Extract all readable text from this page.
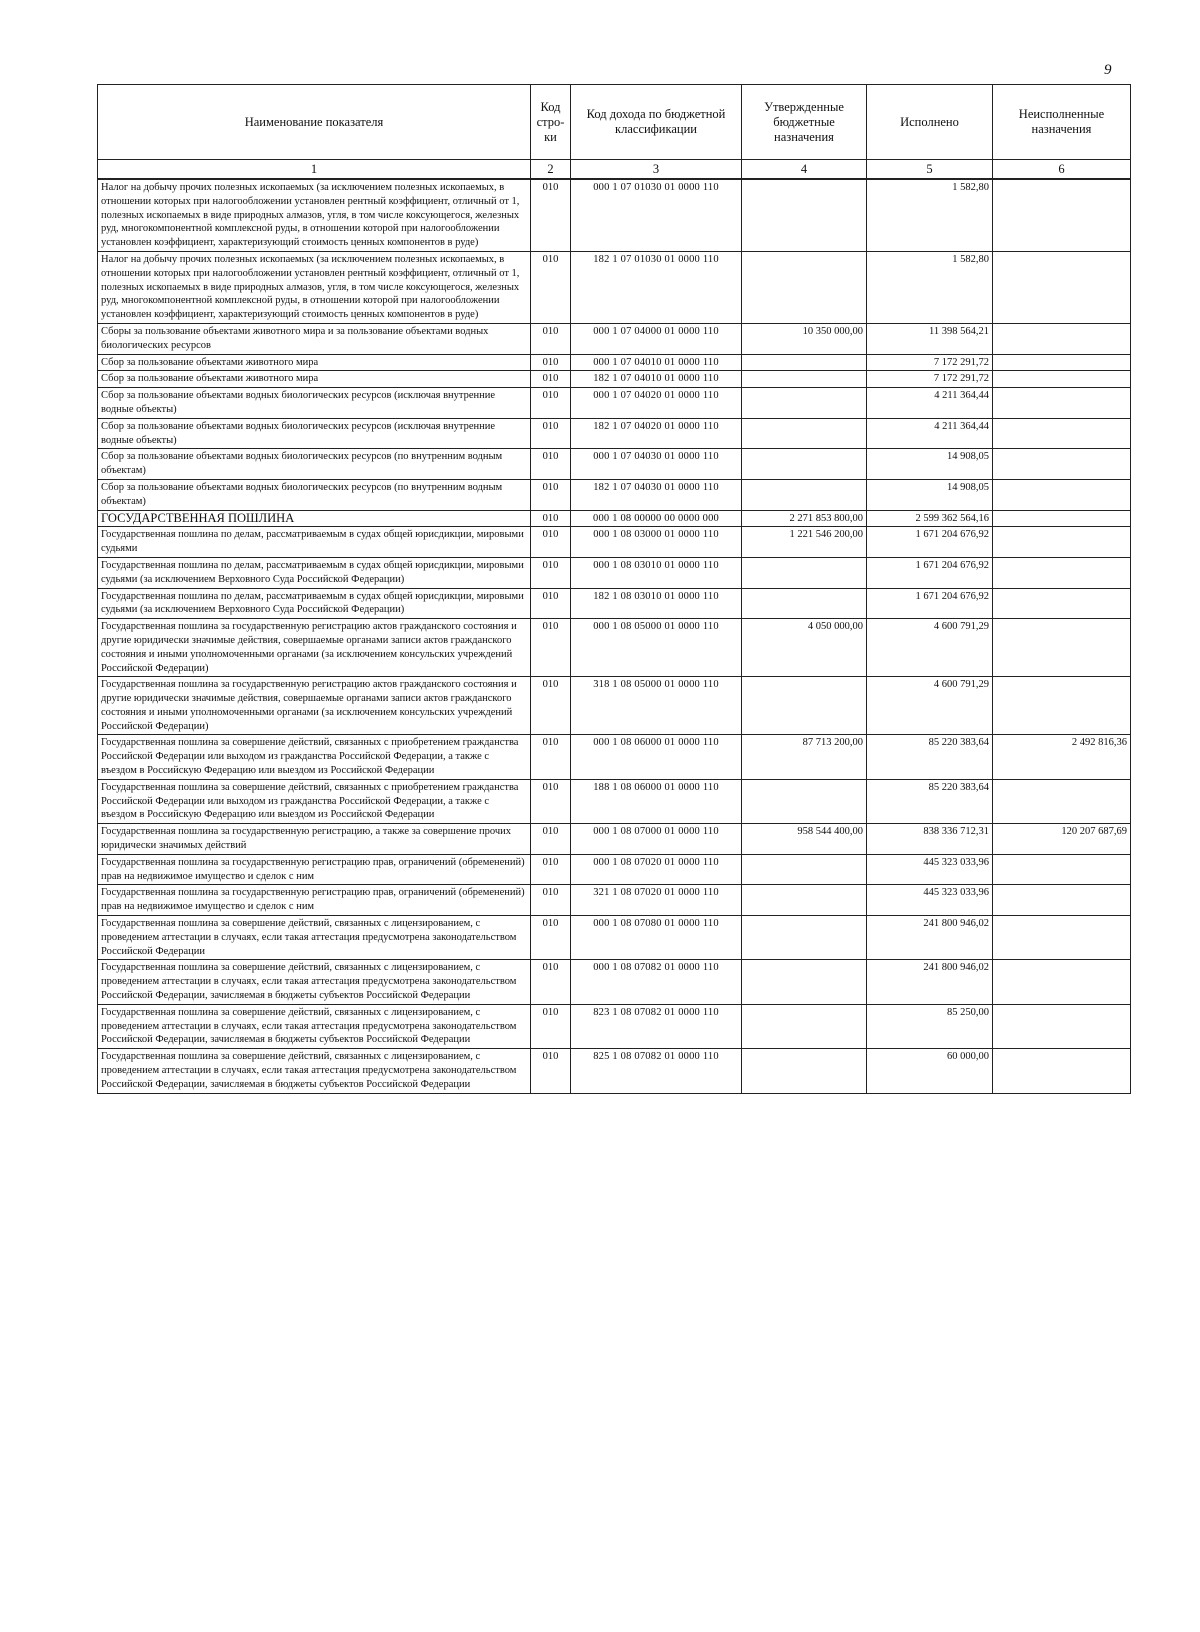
9
Наименование показателя	Код стро-ки	Код дохода по бюджетной классификации	Утвержденные бюджетные назначения	Исполнено	Неисполненные назначения
1	2	3	4	5	6
Налог на добычу прочих полезных ископаемых (за исключением полезных ископаемых, в отношении которых при налогообложении установлен рентный коэффициент, отличный от 1, полезных ископаемых в виде природных алмазов, угля, в том числе коксующегося, железных руд, многокомпонентной комплексной руды, в отношении которой при налогообложении установлен коэффициент, характеризующий стоимость ценных компонентов в руде)	010	000 1 07 01030 01 0000 110		1 582,80	
Налог на добычу прочих полезных ископаемых (за исключением полезных ископаемых, в отношении которых при налогообложении установлен рентный коэффициент, отличный от 1, полезных ископаемых в виде природных алмазов, угля, в том числе коксующегося, железных руд, многокомпонентной комплексной руды, в отношении которой при налогообложении установлен коэффициент, характеризующий стоимость ценных компонентов в руде)	010	182 1 07 01030 01 0000 110		1 582,80	
Сборы за пользование объектами животного мира и за пользование объектами водных биологических ресурсов	010	000 1 07 04000 01 0000 110	10 350 000,00	11 398 564,21	
Сбор за пользование объектами животного мира	010	000 1 07 04010 01 0000 110		7 172 291,72	
Сбор за пользование объектами животного мира	010	182 1 07 04010 01 0000 110		7 172 291,72	
Сбор за пользование объектами водных биологических ресурсов (исключая внутренние водные объекты)	010	000 1 07 04020 01 0000 110		4 211 364,44	
Сбор за пользование объектами водных биологических ресурсов (исключая внутренние водные объекты)	010	182 1 07 04020 01 0000 110		4 211 364,44	
Сбор за пользование объектами водных биологических ресурсов (по внутренним водным объектам)	010	000 1 07 04030 01 0000 110		14 908,05	
Сбор за пользование объектами водных биологических ресурсов (по внутренним водным объектам)	010	182 1 07 04030 01 0000 110		14 908,05	
ГОСУДАРСТВЕННАЯ ПОШЛИНА	010	000 1 08 00000 00 0000 000	2 271 853 800,00	2 599 362 564,16	
Государственная пошлина по делам, рассматриваемым в судах общей юрисдикции, мировыми судьями	010	000 1 08 03000 01 0000 110	1 221 546 200,00	1 671 204 676,92	
Государственная пошлина по делам, рассматриваемым в судах общей юрисдикции, мировыми судьями (за исключением Верховного Суда Российской Федерации)	010	000 1 08 03010 01 0000 110		1 671 204 676,92	
Государственная пошлина по делам, рассматриваемым в судах общей юрисдикции, мировыми судьями (за исключением Верховного Суда Российской Федерации)	010	182 1 08 03010 01 0000 110		1 671 204 676,92	
Государственная пошлина за государственную регистрацию актов гражданского состояния и другие юридически значимые действия, совершаемые органами записи актов гражданского состояния и иными уполномоченными органами (за исключением консульских учреждений Российской Федерации)	010	000 1 08 05000 01 0000 110	4 050 000,00	4 600 791,29	
Государственная пошлина за государственную регистрацию актов гражданского состояния и другие юридически значимые действия, совершаемые органами записи актов гражданского состояния и иными уполномоченными органами (за исключением консульских учреждений Российской Федерации)	010	318 1 08 05000 01 0000 110		4 600 791,29	
Государственная пошлина за совершение действий, связанных с приобретением гражданства Российской Федерации или выходом из гражданства Российской Федерации, а также с въездом в Российскую Федерацию или выездом из Российской Федерации	010	000 1 08 06000 01 0000 110	87 713 200,00	85 220 383,64	2 492 816,36
Государственная пошлина за совершение действий, связанных с приобретением гражданства Российской Федерации или выходом из гражданства Российской Федерации, а также с въездом в Российскую Федерацию или выездом из Российской Федерации	010	188 1 08 06000 01 0000 110		85 220 383,64	
Государственная пошлина за государственную регистрацию, а также за совершение прочих юридически значимых действий	010	000 1 08 07000 01 0000 110	958 544 400,00	838 336 712,31	120 207 687,69
Государственная пошлина за государственную регистрацию прав, ограничений (обременений) прав на недвижимое имущество и сделок с ним	010	000 1 08 07020 01 0000 110		445 323 033,96	
Государственная пошлина за государственную регистрацию прав, ограничений (обременений) прав на недвижимое имущество и сделок с ним	010	321 1 08 07020 01 0000 110		445 323 033,96	
Государственная пошлина за совершение действий, связанных с лицензированием, с проведением аттестации в случаях, если такая аттестация предусмотрена законодательством Российской Федерации	010	000 1 08 07080 01 0000 110		241 800 946,02	
Государственная пошлина за совершение действий, связанных с лицензированием, с проведением аттестации в случаях, если такая аттестация предусмотрена законодательством Российской Федерации, зачисляемая в бюджеты субъектов Российской Федерации	010	000 1 08 07082 01 0000 110		241 800 946,02	
Государственная пошлина за совершение действий, связанных с лицензированием, с проведением аттестации в случаях, если такая аттестация предусмотрена законодательством Российской Федерации, зачисляемая в бюджеты субъектов Российской Федерации	010	823 1 08 07082 01 0000 110		85 250,00	
Государственная пошлина за совершение действий, связанных с лицензированием, с проведением аттестации в случаях, если такая аттестация предусмотрена законодательством Российской Федерации, зачисляемая в бюджеты субъектов Российской Федерации	010	825 1 08 07082 01 0000 110		60 000,00	
